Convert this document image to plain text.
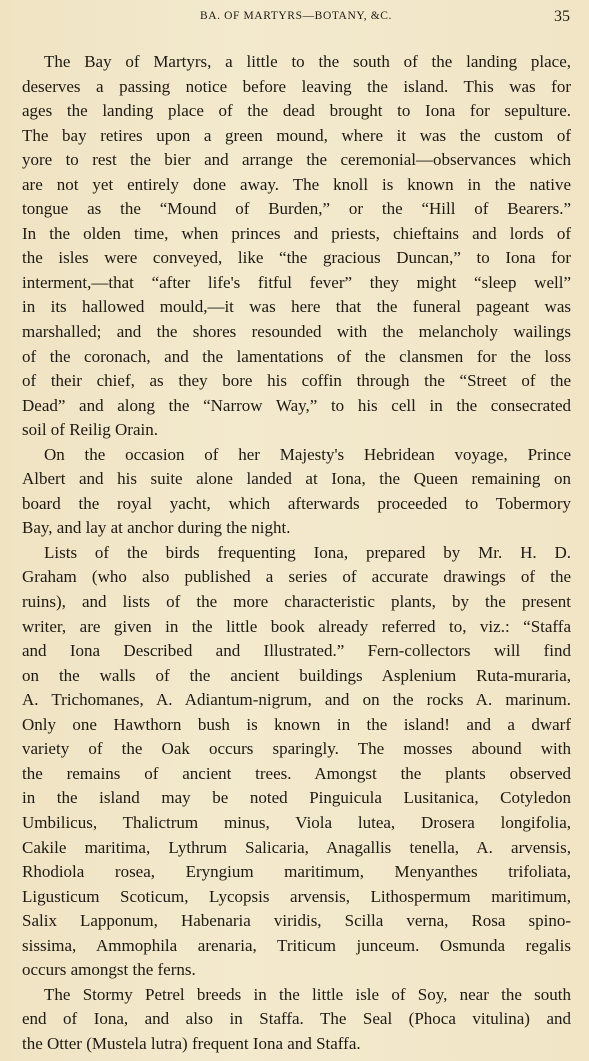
BA. OF MARTYRS—BOTANY, &C.	35

The Bay of Martyrs, a little to the south of the landing place,
deserves a passing notice before leaving the island. This was for
ages the landing place of the dead brought to Iona for sepulture.
The bay retires upon a green mound, where it was the custom of
yore to rest the bier and arrange the ceremonial—observances which
are not yet entirely done away. The knoll is known in the native
tongue as the “Mound of Burden,” or the “Hill of Bearers.”
In the olden time, when princes and priests, chieftains and lords of
the isles were conveyed, like “the gracious Duncan,” to Iona for
interment,—that “after life's fitful fever” they might “sleep well”
in its hallowed mould,—it was here that the funeral pageant was
marshalled; and the shores resounded with the melancholy wailings
of the coronach, and the lamentations of the clansmen for the loss
of their chief, as they bore his coffin through the “Street of the
Dead” and along the “Narrow Way,” to his cell in the consecrated
soil of Reilig Orain.

On the occasion of her Majesty's Hebridean voyage, Prince
Albert and his suite alone landed at Iona, the Queen remaining on
board the royal yacht, which afterwards proceeded to Tobermory
Bay, and lay at anchor during the night.

Lists of the birds frequenting Iona, prepared by Mr. H. D.
Graham (who also published a series of accurate drawings of the
ruins), and lists of the more characteristic plants, by the present
writer, are given in the little book already referred to, viz.: “Staffa
and Iona Described and Illustrated.” Fern-collectors will find
on the walls of the ancient buildings Asplenium Ruta-muraria,
A. Trichomanes, A. Adiantum-nigrum, and on the rocks A. marinum.
Only one Hawthorn bush is known in the island! and a dwarf
variety of the Oak occurs sparingly. The mosses abound with
the remains of ancient trees. Amongst the plants observed
in the island may be noted Pinguicula Lusitanica, Cotyledon
Umbilicus, Thalictrum minus, Viola lutea, Drosera longifolia,
Cakile maritima, Lythrum Salicaria, Anagallis tenella, A. arvensis,
Rhodiola rosea, Eryngium maritimum, Menyanthes trifoliata,
Ligusticum Scoticum, Lycopsis arvensis, Lithospermum maritimum,
Salix Lapponum, Habenaria viridis, Scilla verna, Rosa spino-
sissima, Ammophila arenaria, Triticum junceum. Osmunda regalis
occurs amongst the ferns.

The Stormy Petrel breeds in the little isle of Soy, near the south
end of Iona, and also in Staffa. The Seal (Phoca vitulina) and
the Otter (Mustela lutra) frequent Iona and Staffa.
